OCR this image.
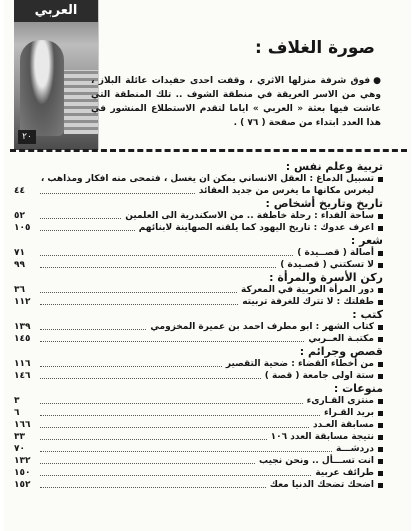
العربي
٢٠
صورة الغلاف :

●فوق شرفة منزلها الاثري ، وقفت احدى حفيدات عائلة البلاز ، وهي من الاسر العريقة في منطقة الشوف .. تلك المنطقة التي عاشت فيها بعثة « العربي » اياما لتقدم الاستطلاع المنشور في هذا العدد ابتداء من صفحة ( ٧٦ ) .

تربية وعلم نفس :
تسبيل الدماغ : العقل الانساني يمكن ان يغسل ، فتمحى منه افكار ومذاهب ،
ليغرس مكانها ما يغرس من جديد العقائد
٤٤
تاريخ وتاريخ أشخاص :
ساحة الفداء : رحلة خاطفة .. من الاسكندرية الى العلمين
٥٢
اعرف عدوك : تاريخ اليهود كما يلقنه الصهاينة لابنائهم
١٠٥
شعر :
أصالة ( قصــيدة )
٧١
لا تسكتني ( قصـيدة )
٩٩
ركن الأسرة والمرأة :
دور المرأة العربية في المعركة
٣٦
طفلتك : لا تترك للغرفة تربيته
١١٢
كتب :
كتاب الشهر : ابو مطرف احمد بن عميرة المخزومي
١٣٩
مكتبـة العــربي
١٤٥
قصص وجرائم :
من أخطاء القضاء : ضحية التقصير
١١٦
ستة اولى جامعة ( قصة )
١٤٦
منوعات :
منتزى القـارىء
٣
بريد القـراء
٦
مسابقة العـدد
١٦٦
نتيجة مسابقة العدد ١٠٦
٣٣
دردشـــة
٧٠
انت تســـأل .. ونحن نجيب
١٣٢
طرائف عربية
١٥٠
اضحك تضحك الدنيا معك
١٥٢
